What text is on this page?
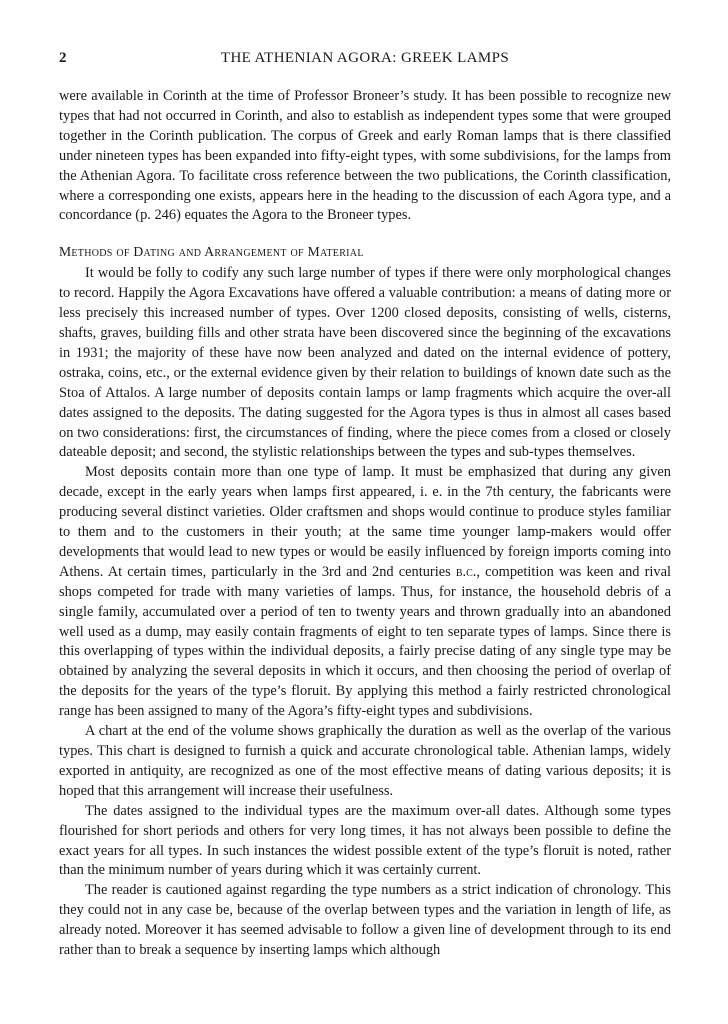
2	THE ATHENIAN AGORA: GREEK LAMPS

were available in Corinth at the time of Professor Broneer’s study. It has been possible to recognize new types that had not occurred in Corinth, and also to establish as independent types some that were grouped together in the Corinth publication. The corpus of Greek and early Roman lamps that is there classified under nineteen types has been expanded into fifty-eight types, with some subdivisions, for the lamps from the Athenian Agora. To facilitate cross reference between the two publications, the Corinth classification, where a corresponding one exists, appears here in the heading to the discussion of each Agora type, and a concordance (p. 246) equates the Agora to the Broneer types.

Methods of Dating and Arrangement of Material

It would be folly to codify any such large number of types if there were only morphological changes to record. Happily the Agora Excavations have offered a valuable contribution: a means of dating more or less precisely this increased number of types. Over 1200 closed deposits, consisting of wells, cisterns, shafts, graves, building fills and other strata have been discovered since the beginning of the excavations in 1931; the majority of these have now been analyzed and dated on the internal evidence of pottery, ostraka, coins, etc., or the external evidence given by their relation to buildings of known date such as the Stoa of Attalos. A large number of deposits contain lamps or lamp fragments which acquire the over-all dates assigned to the deposits. The dating suggested for the Agora types is thus in almost all cases based on two considerations: first, the circumstances of finding, where the piece comes from a closed or closely dateable deposit; and second, the stylistic relationships between the types and sub-types themselves.

Most deposits contain more than one type of lamp. It must be emphasized that during any given decade, except in the early years when lamps first appeared, i. e. in the 7th century, the fabricants were producing several distinct varieties. Older craftsmen and shops would continue to produce styles familiar to them and to the customers in their youth; at the same time younger lamp-makers would offer developments that would lead to new types or would be easily influenced by foreign imports coming into Athens. At certain times, particularly in the 3rd and 2nd centuries b.c., competition was keen and rival shops competed for trade with many varieties of lamps. Thus, for instance, the household debris of a single family, accumulated over a period of ten to twenty years and thrown gradually into an abandoned well used as a dump, may easily contain fragments of eight to ten separate types of lamps. Since there is this overlapping of types within the individual deposits, a fairly precise dating of any single type may be obtained by analyzing the several deposits in which it occurs, and then choosing the period of overlap of the deposits for the years of the type’s floruit. By applying this method a fairly restricted chronological range has been assigned to many of the Agora’s fifty-eight types and subdivisions.

A chart at the end of the volume shows graphically the duration as well as the overlap of the various types. This chart is designed to furnish a quick and accurate chronological table. Athenian lamps, widely exported in antiquity, are recognized as one of the most effective means of dating various deposits; it is hoped that this arrangement will increase their usefulness.

The dates assigned to the individual types are the maximum over-all dates. Although some types flourished for short periods and others for very long times, it has not always been possible to define the exact years for all types. In such instances the widest possible extent of the type’s floruit is noted, rather than the minimum number of years during which it was certainly current.

The reader is cautioned against regarding the type numbers as a strict indication of chronology. This they could not in any case be, because of the overlap between types and the variation in length of life, as already noted. Moreover it has seemed advisable to follow a given line of development through to its end rather than to break a sequence by inserting lamps which although
